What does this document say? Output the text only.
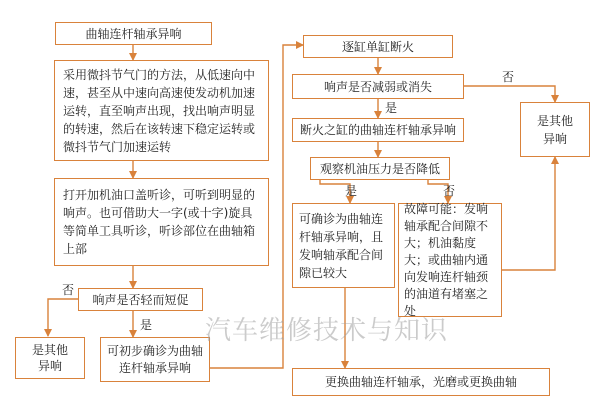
曲轴连杆轴承异响
采用微抖节气门的方法，从低速向中速，甚至从中速向高速使发动机加速运转，直至响声出现，找出响声明显的转速，然后在该转速下稳定运转或微抖节气门加速运转
打开加机油口盖听诊，可听到明显的响声。也可借助大一字(或十字)旋具等简单工具听诊，听诊部位在曲轴箱上部
响声是否轻而短促
是其他异响
可初步确诊为曲轴连杆轴承异响
逐缸单缸断火
响声是否减弱或消失
断火之缸的曲轴连杆轴承异响
观察机油压力是否降低
可确诊为曲轴连杆轴承异响，且发响轴承配合间隙已较大
故障可能：发响轴承配合间隙不大；机油黏度大；或曲轴内通向发响连杆轴颈的油道有堵塞之处
是其他异响
更换曲轴连杆轴承，光磨或更换曲轴
否
是
否
是
是	否
汽车维修技术与知识
